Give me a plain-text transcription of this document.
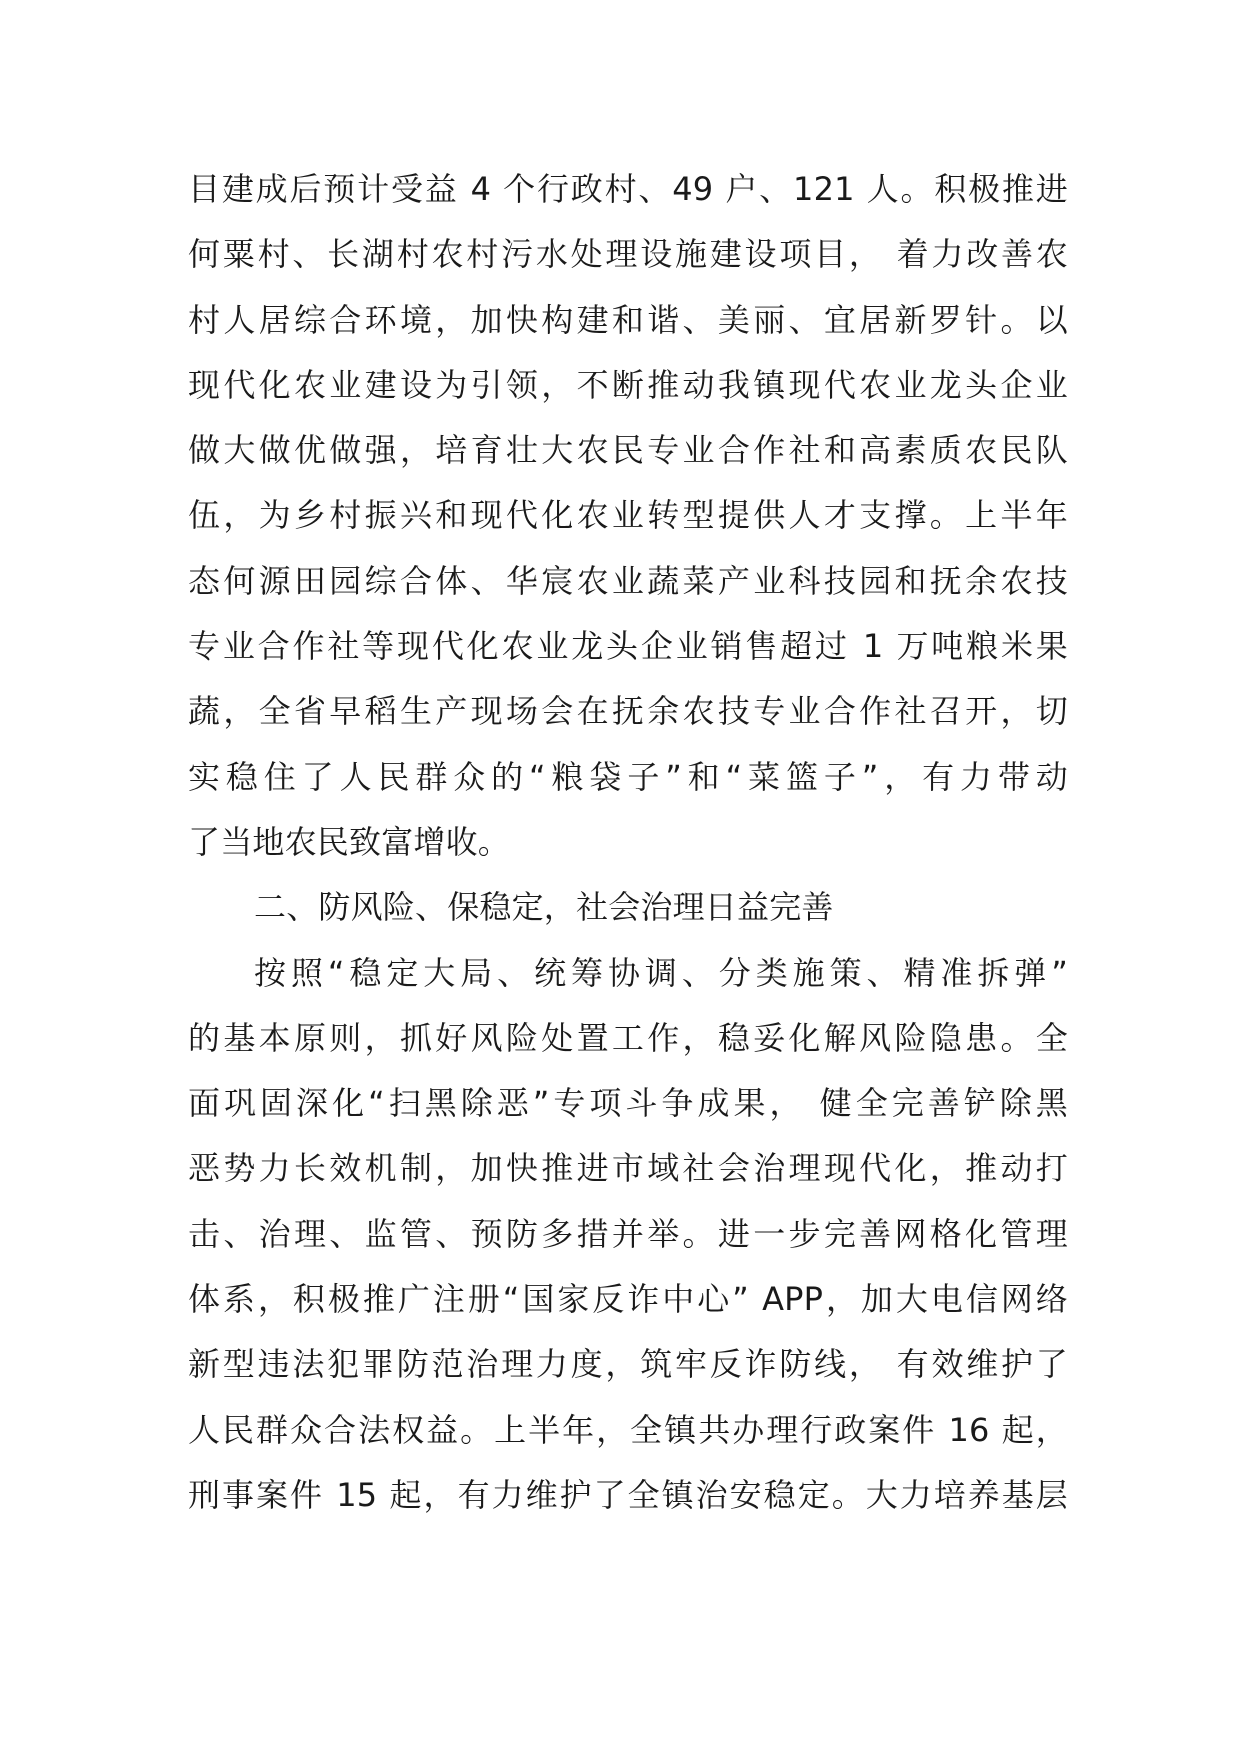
目建成后预计受益 4 个行政村、49 户、121 人。积极推进
何粟村、长湖村农村污水处理设施建设项目， 着力改善农
村人居综合环境，加快构建和谐、美丽、宜居新罗针。以
现代化农业建设为引领，不断推动我镇现代农业龙头企业
做大做优做强，培育壮大农民专业合作社和高素质农民队
伍，为乡村振兴和现代化农业转型提供人才支撑。上半年
态何源田园综合体、华宸农业蔬菜产业科技园和抚余农技
专业合作社等现代化农业龙头企业销售超过 1 万吨粮米果
蔬，全省早稻生产现场会在抚余农技专业合作社召开，切
实稳住了人民群众的“粮袋子”和“菜篮子”，有力带动
了当地农民致富增收。
二、防风险、保稳定，社会治理日益完善
按照“稳定大局、统筹协调、分类施策、精准拆弹”
的基本原则，抓好风险处置工作，稳妥化解风险隐患。全
面巩固深化“扫黑除恶”专项斗争成果， 健全完善铲除黑
恶势力长效机制，加快推进市域社会治理现代化，推动打
击、治理、监管、预防多措并举。进一步完善网格化管理
体系，积极推广注册“国家反诈中心” APP，加大电信网络
新型违法犯罪防范治理力度，筑牢反诈防线， 有效维护了
人民群众合法权益。上半年，全镇共办理行政案件 16 起，
刑事案件 15 起，有力维护了全镇治安稳定。大力培养基层
